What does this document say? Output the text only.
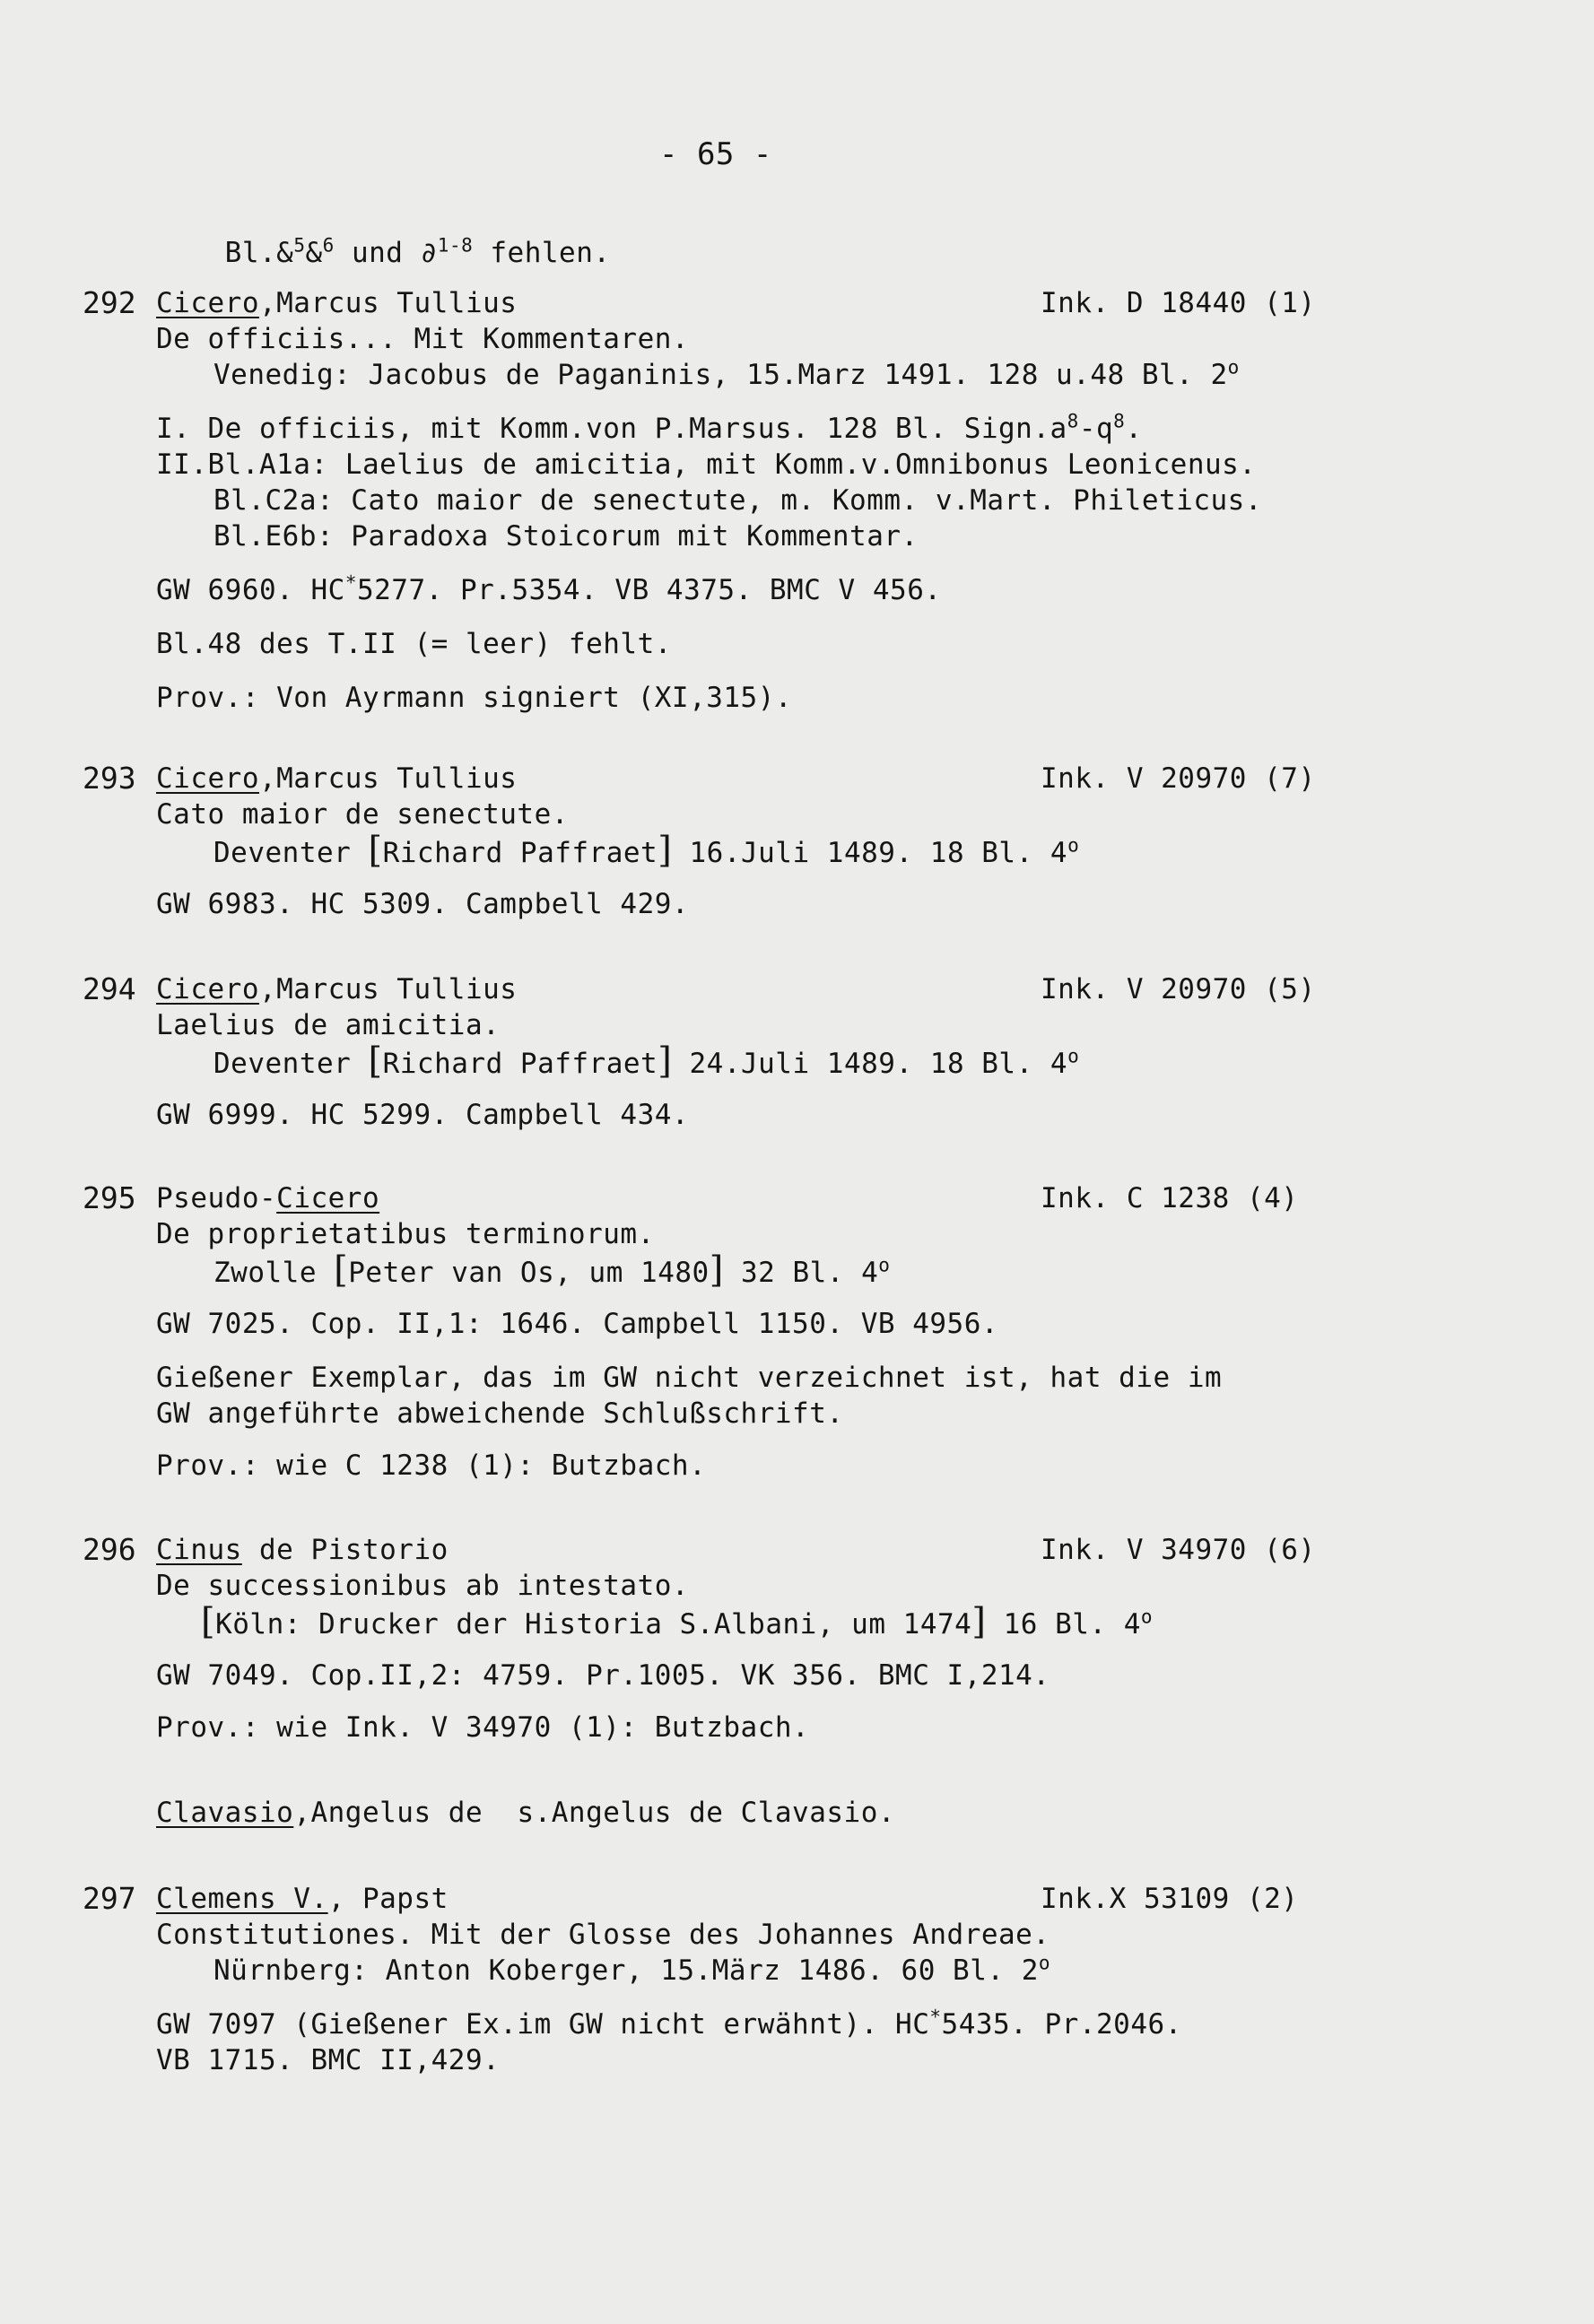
- 65 -

Bl.&$^5$&$^6$ und ∂$^{1-8}$ fehlen.

292 Cicero,Marcus Tullius	Ink. D 18440 (1)
De officiis... Mit Kommentaren.
Venedig: Jacobus de Paganinis, 15.Marz 1491. 128 u.48 Bl. 2$^o$
I. De officiis, mit Komm.von P.Marsus. 128 Bl. $Sign.a^8-q^8$.
II.Bl.A1a: Laelius de amicitia, mit Komm.v.Omnibonus Leonicenus.
Bl.C2a: Cato maior de senectute, m. Komm. v.Mart. Phileticus.
Bl.E6b: Paradoxa Stoicorum mit Kommentar.
GW 6960. HC*5277. Pr.5354. VB 4375. BMC V 456.
Bl.48 des T.II (= leer) fehlt.
Prov.: Von Ayrmann signiert (XI,315).
293 Cicero,Marcus Tullius	Ink. V 20970 (7)
Cato maior de senectute.
Deventer [Richard Paffraet] 16.Juli 1489. 18 Bl. 4$^o$
GW 6983. HC 5309. Campbell 429.
294 Cicero,Marcus Tullius	Ink. V 20970 (5)
Laelius de amicitia.
Deventer [Richard Paffraet] 24.Juli 1489. 18 Bl. 4$^o$
GW 6999. HC 5299. Campbell 434.
295 Pseudo-Cicero	Ink. C 1238 (4)
De proprietatibus terminorum.
Zwolle [Peter van Os, um 1480] 32 Bl. 4$^o$
GW 7025. Cop. II,1: 1646. Campbell 1150. VB 4956.
Gießener Exemplar, das im GW nicht verzeichnet ist, hat die im
GW angeführte abweichende Schlußschrift.
Prov.: wie C 1238 (1): Butzbach.
296 Cinus de Pistorio	Ink. V 34970 (6)
De successionibus ab intestato.
[Köln: Drucker der Historia S.Albani, um 1474] 16 Bl. 4$^o$
GW 7049. Cop.II,2: 4759. Pr.1005. VK 356. BMC I,214.
Prov.: wie Ink. V 34970 (1): Butzbach.
Clavasio,Angelus de  s.Angelus de Clavasio.
297 Clemens V., Papst	Ink.X 53109 (2)
Constitutiones. Mit der Glosse des Johannes Andreae.
Nürnberg: Anton Koberger, 15.März 1486. 60 Bl. 2$^o$
GW 7097 (Gießener Ex.im GW nicht erwähnt). HC*5435. Pr.2046.
VB 1715. BMC II,429.
